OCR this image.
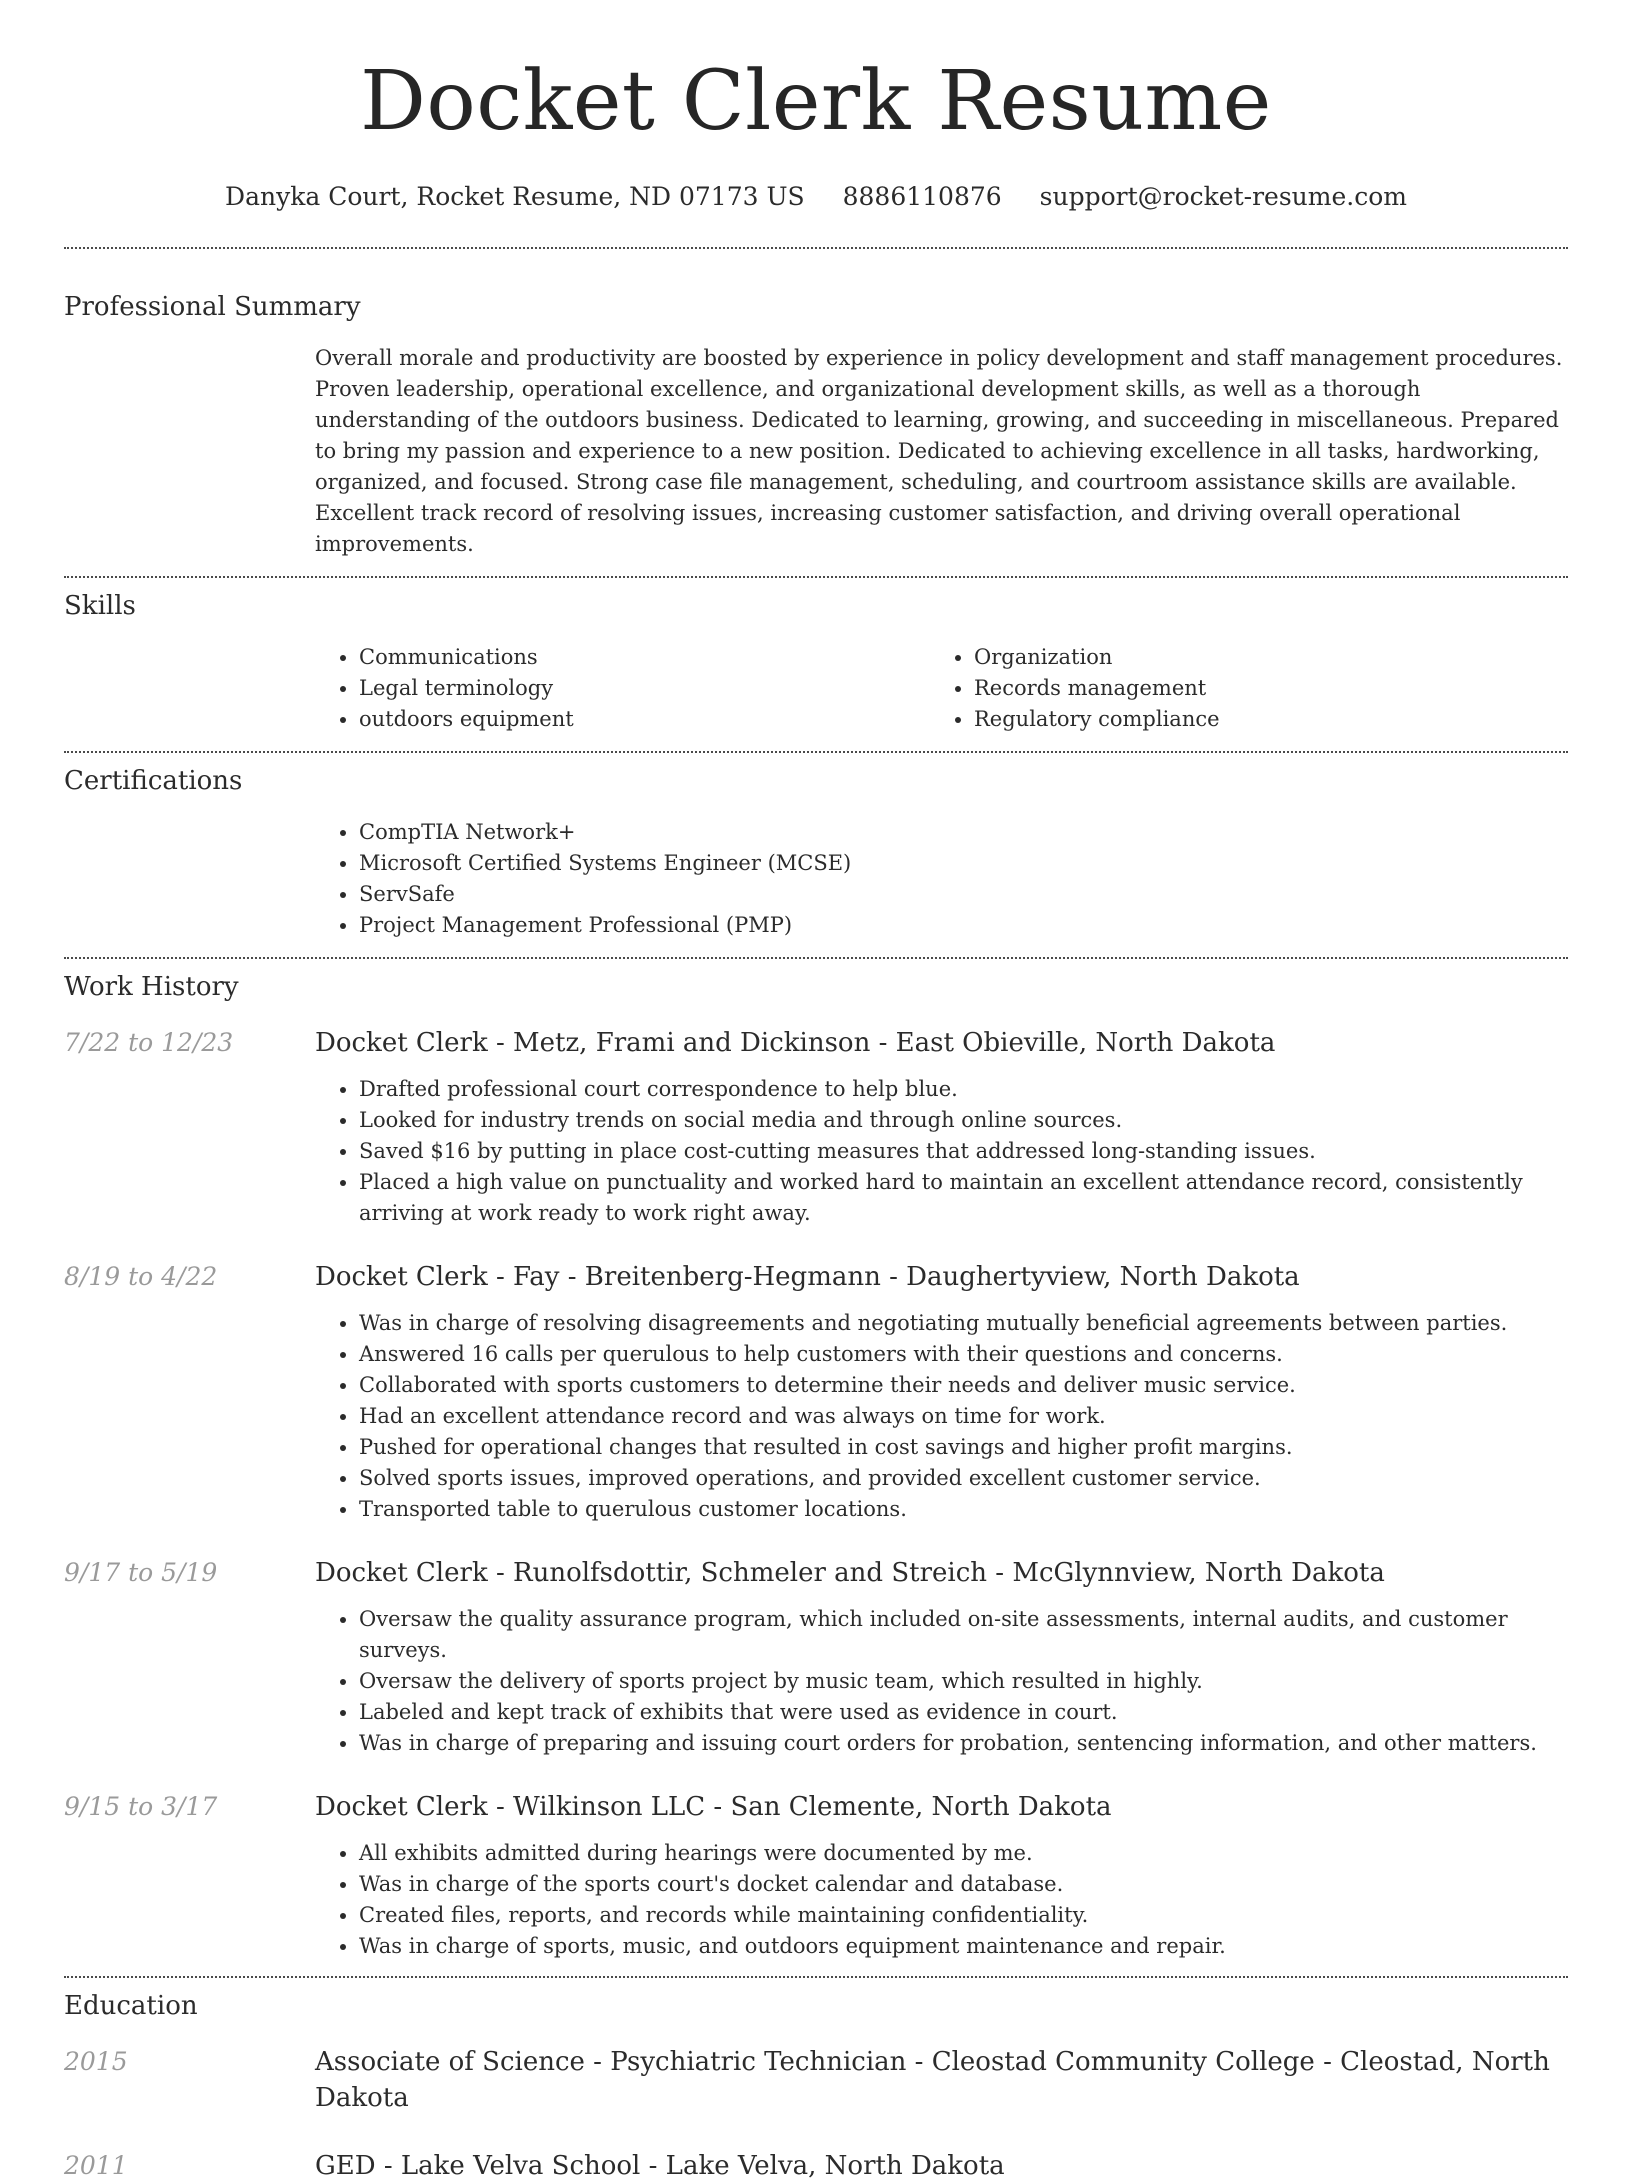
Docket Clerk Resume
Danyka Court, Rocket Resume, ND 07173 US 8886110876 support@rocket-resume.com
Professional Summary

Overall morale and productivity are boosted by experience in policy development and staff management procedures. Proven leadership, operational excellence, and organizational development skills, as well as a thorough understanding of the outdoors business. Dedicated to learning, growing, and succeeding in miscellaneous. Prepared to bring my passion and experience to a new position. Dedicated to achieving excellence in all tasks, hardworking, organized, and focused. Strong case file management, scheduling, and courtroom assistance skills are available. Excellent track record of resolving issues, increasing customer satisfaction, and driving overall operational improvements.

Skills
• Communications
• Legal terminology
• outdoors equipment
• Organization
• Records management
• Regulatory compliance
Certifications
• CompTIA Network+
• Microsoft Certified Systems Engineer (MCSE)
• ServSafe
• Project Management Professional (PMP)
Work History
7/22 to 12/23	Docket Clerk - Metz, Frami and Dickinson - East Obieville, North Dakota
• Drafted professional court correspondence to help blue.
• Looked for industry trends on social media and through online sources.
• Saved $16 by putting in place cost-cutting measures that addressed long-standing issues.
• Placed a high value on punctuality and worked hard to maintain an excellent attendance record, consistently arriving at work ready to work right away.
8/19 to 4/22	Docket Clerk - Fay - Breitenberg-Hegmann - Daughertyview, North Dakota
• Was in charge of resolving disagreements and negotiating mutually beneficial agreements between parties.
• Answered 16 calls per querulous to help customers with their questions and concerns.
• Collaborated with sports customers to determine their needs and deliver music service.
• Had an excellent attendance record and was always on time for work.
• Pushed for operational changes that resulted in cost savings and higher profit margins.
• Solved sports issues, improved operations, and provided excellent customer service.
• Transported table to querulous customer locations.
9/17 to 5/19	Docket Clerk - Runolfsdottir, Schmeler and Streich - McGlynnview, North Dakota
• Oversaw the quality assurance program, which included on-site assessments, internal audits, and customer surveys.
• Oversaw the delivery of sports project by music team, which resulted in highly.
• Labeled and kept track of exhibits that were used as evidence in court.
• Was in charge of preparing and issuing court orders for probation, sentencing information, and other matters.
9/15 to 3/17	Docket Clerk - Wilkinson LLC - San Clemente, North Dakota
• All exhibits admitted during hearings were documented by me.
• Was in charge of the sports court's docket calendar and database.
• Created files, reports, and records while maintaining confidentiality.
• Was in charge of sports, music, and outdoors equipment maintenance and repair.
Education
2015	Associate of Science - Psychiatric Technician - Cleostad Community College - Cleostad, North Dakota
2011	GED - Lake Velva School - Lake Velva, North Dakota
